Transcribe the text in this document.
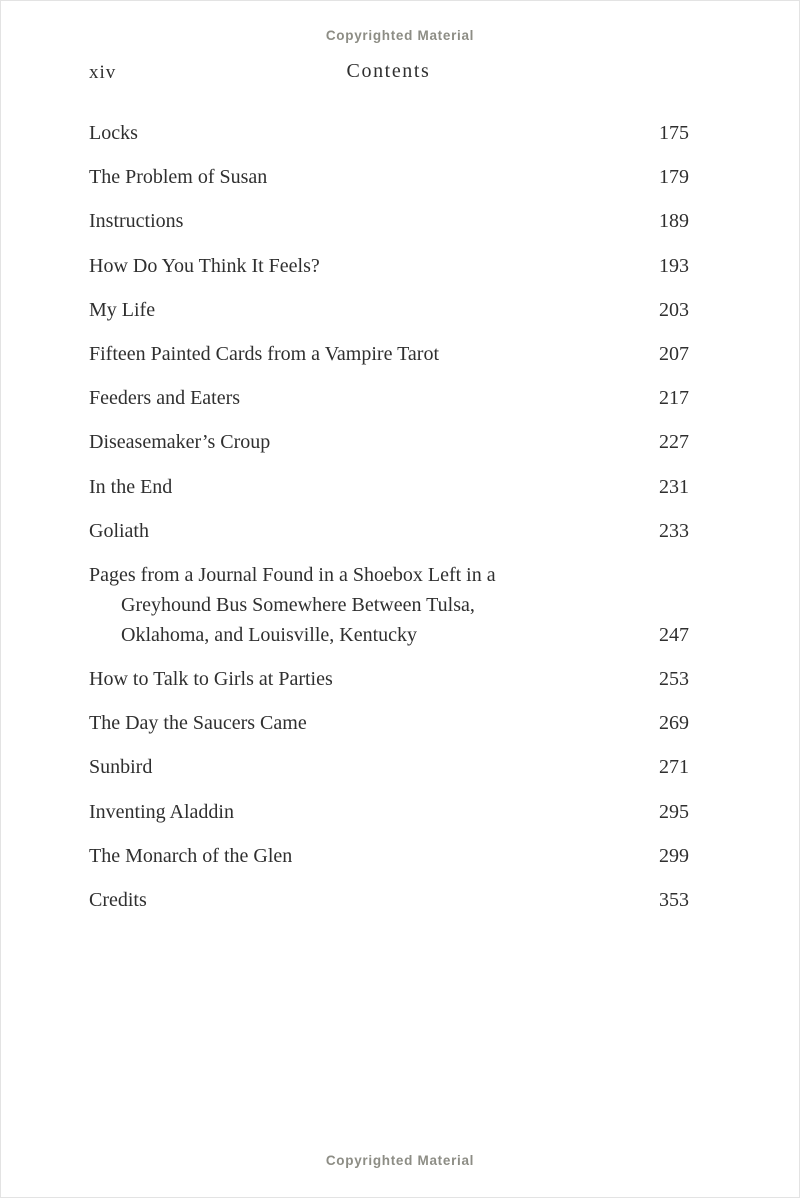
Copyrighted Material
xiv	Contents
Locks	175
The Problem of Susan	179
Instructions	189
How Do You Think It Feels?	193
My Life	203
Fifteen Painted Cards from a Vampire Tarot	207
Feeders and Eaters	217
Diseasemaker’s Croup	227
In the End	231
Goliath	233
Pages from a Journal Found in a Shoebox Left in a
Greyhound Bus Somewhere Between Tulsa,
Oklahoma, and Louisville, Kentucky	247
How to Talk to Girls at Parties	253
The Day the Saucers Came	269
Sunbird	271
Inventing Aladdin	295
The Monarch of the Glen	299
Credits	353
Copyrighted Material
